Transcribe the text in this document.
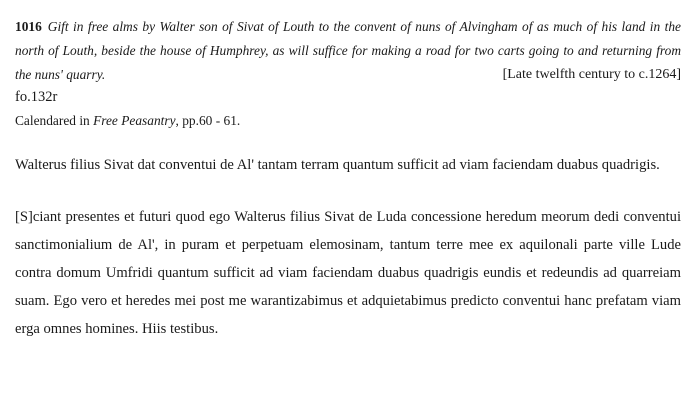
1016 Gift in free alms by Walter son of Sivat of Louth to the convent of nuns of Alvingham of as much of his land in the north of Louth, beside the house of Humphrey, as will suffice for making a road for two carts going to and returning from the nuns' quarry.	[Late twelfth century to c.1264]

fo.132r

Calendared in Free Peasantry, pp.60 - 61.

Walterus filius Sivat dat conventui de Al' tantam terram quantum sufficit ad viam faciendam duabus quadrigis.

[S]ciant presentes et futuri quod ego Walterus filius Sivat de Luda concessione heredum meorum dedi conventui sanctimonialium de Al', in puram et perpetuam elemosinam, tantum terre mee ex aquilonali parte ville Lude contra domum Umfridi quantum sufficit ad viam faciendam duabus quadrigis eundis et redeundis ad quarreiam suam. Ego vero et heredes mei post me warantizabimus et adquietabimus predicto conventui hanc prefatam viam erga omnes homines. Hiis testibus.
